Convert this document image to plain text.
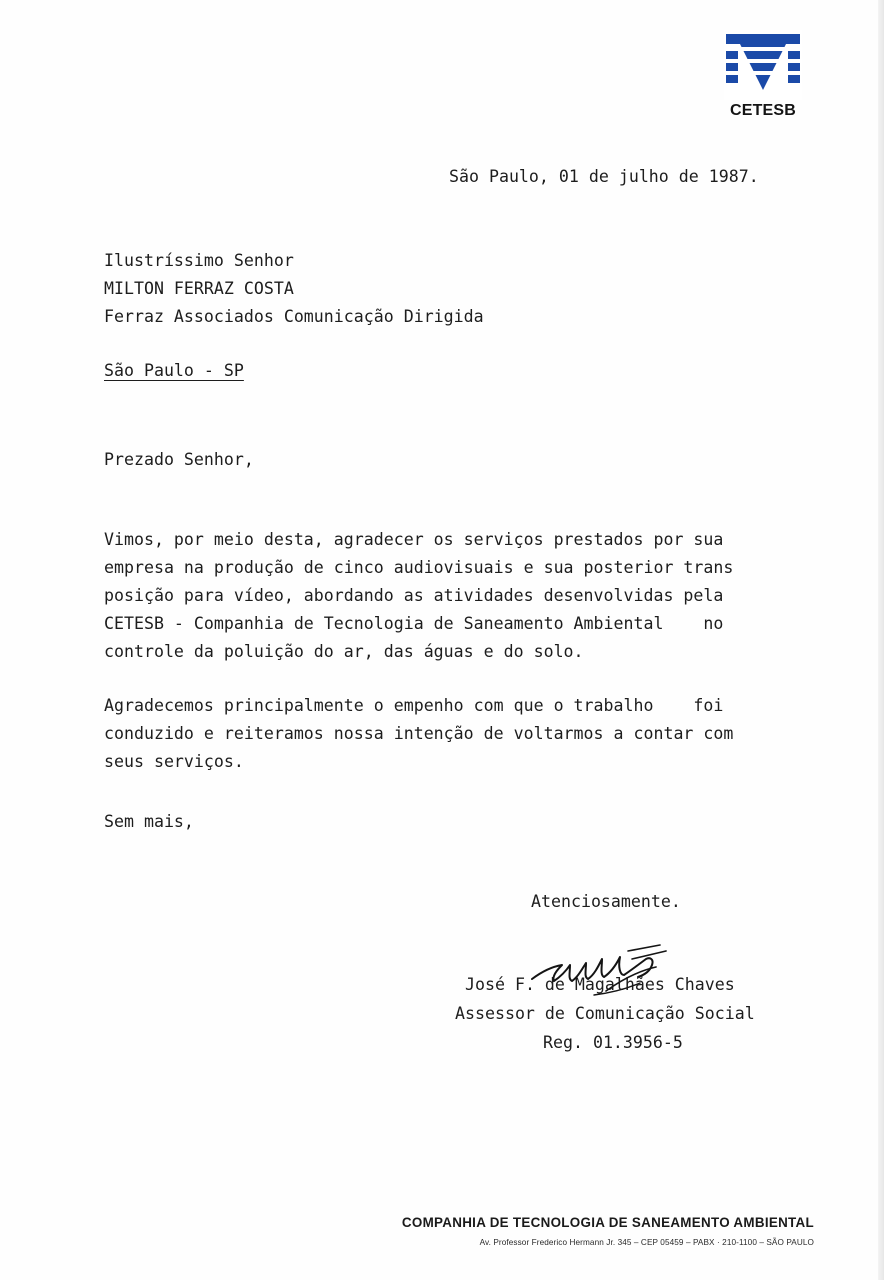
CETESB
São Paulo, 01 de julho de 1987.
Ilustríssimo Senhor
MILTON FERRAZ COSTA
Ferraz Associados Comunicação Dirigida
São Paulo - SP
Prezado Senhor,
Vimos, por meio desta, agradecer os serviços prestados por sua
empresa na produção de cinco audiovisuais e sua posterior trans
posição para vídeo, abordando as atividades desenvolvidas pela
CETESB - Companhia de Tecnologia de Saneamento Ambiental    no
controle da poluição do ar, das águas e do solo.
Agradecemos principalmente o empenho com que o trabalho    foi
conduzido e reiteramos nossa intenção de voltarmos a contar com
seus serviços.
Sem mais,
Atenciosamente.
José F. de Magalhães Chaves
Assessor de Comunicação Social
Reg. 01.3956-5
COMPANHIA DE TECNOLOGIA DE SANEAMENTO AMBIENTAL
Av. Professor Frederico Hermann Jr. 345 – CEP 05459 – PABX · 210-1100 – SÃO PAULO
